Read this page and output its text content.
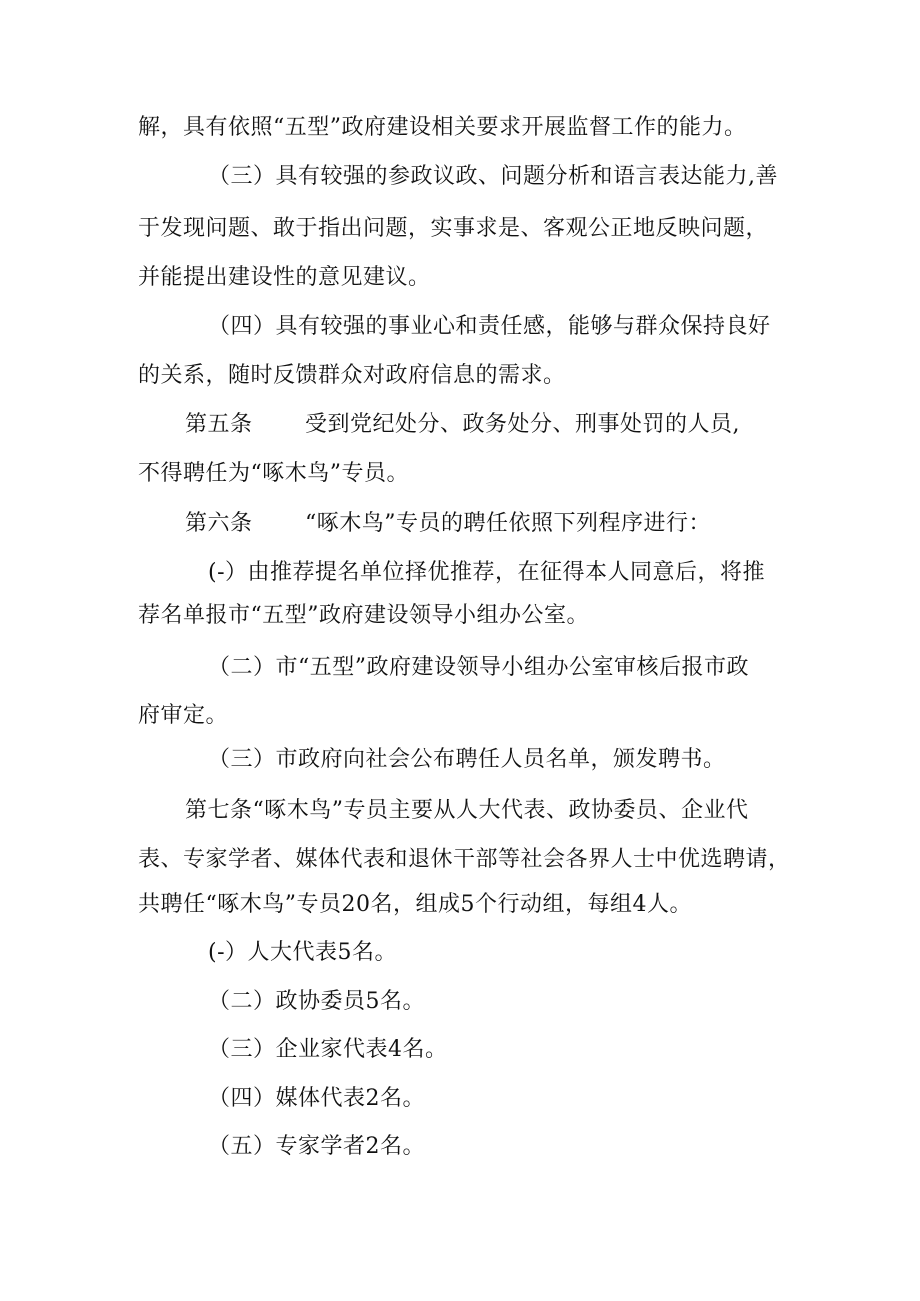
解，具有依照“五型”政府建设相关要求开展监督工作的能力。
（三）具有较强的参政议政、问题分析和语言表达能力,善
于发现问题、敢于指出问题，实事求是、客观公正地反映问题，
并能提出建设性的意见建议。
（四）具有较强的事业心和责任感，能够与群众保持良好
的关系，随时反馈群众对政府信息的需求。
第五条 受到党纪处分、政务处分、刑事处罚的人员,
不得聘任为“啄木鸟”专员。
第六条 “啄木鸟”专员的聘任依照下列程序进行：
(-）由推荐提名单位择优推荐，在征得本人同意后，将推
荐名单报市“五型”政府建设领导小组办公室。
（二）市“五型”政府建设领导小组办公室审核后报市政
府审定。
（三）市政府向社会公布聘任人员名单，颁发聘书。
第七条“啄木鸟”专员主要从人大代表、政协委员、企业代
表、专家学者、媒体代表和退休干部等社会各界人士中优选聘请，
共聘任“啄木鸟”专员20名，组成5个行动组，每组4人。
(-）人大代表5名。
（二）政协委员5名。
（三）企业家代表4名。
（四）媒体代表2名。
（五）专家学者2名。
